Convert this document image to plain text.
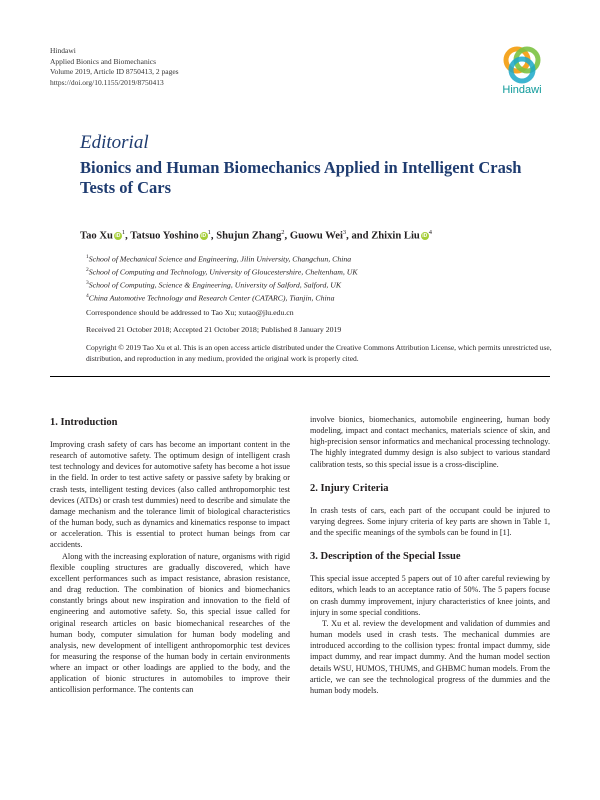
Hindawi
Applied Bionics and Biomechanics
Volume 2019, Article ID 8750413, 2 pages
https://doi.org/10.1155/2019/8750413
Hindawi
Editorial
Bionics and Human Biomechanics Applied in Intelligent Crash Tests of Cars
Tao Xu $iD^1$, Tatsuo Yoshino $iD^1$, Shujun Zhang$^2$, Guowu Wei$^3$, and Zhixin Liu $iD^4$
$^1$School of Mechanical Science and Engineering, Jilin University, Changchun, China
$^2$School of Computing and Technology, University of Gloucestershire, Cheltenham, UK
$^3$School of Computing, Science & Engineering, University of Salford, Salford, UK
$^4$China Automotive Technology and Research Center (CATARC), Tianjin, China
Correspondence should be addressed to Tao Xu; xutao@jlu.edu.cn
Received 21 October 2018; Accepted 21 October 2018; Published 8 January 2019
Copyright © 2019 Tao Xu et al. This is an open access article distributed under the Creative Commons Attribution License, which permits unrestricted use, distribution, and reproduction in any medium, provided the original work is properly cited.
1. Introduction

Improving crash safety of cars has become an important content in the research of automotive safety. The optimum design of intelligent crash test technology and devices for automotive safety has become a hot issue in the field. In order to test active safety or passive safety by braking or crash tests, intelligent testing devices (also called anthropomorphic test devices (ATDs) or crash test dummies) need to describe and simulate the damage mechanism and the tolerance limit of biological characteristics of the human body, such as dynamics and kinematics response to impact or acceleration. This is essential to protect human beings from car accidents.

Along with the increasing exploration of nature, organisms with rigid flexible coupling structures are gradually discovered, which have excellent performances such as impact resistance, abrasion resistance, and drag reduction. The combination of bionics and biomechanics constantly brings about new inspiration and innovation to the field of engineering and automotive safety. So, this special issue called for original research articles on basic biomechanical researches of the human body, computer simulation for human body modeling and analysis, new development of intelligent anthropomorphic test devices for measuring the response of the human body in certain environments where an impact or other loadings are applied to the body, and the application of bionic structures in automobiles to improve their anticollision performance. The contents can

involve bionics, biomechanics, automobile engineering, human body modeling, impact and contact mechanics, materials science of skin, and high-precision sensor informatics and mechanical processing technology. The highly integrated dummy design is also subject to various standard calibration tests, so this special issue is a cross-discipline.

2. Injury Criteria

In crash tests of cars, each part of the occupant could be injured to varying degrees. Some injury criteria of key parts are shown in Table 1, and the specific meanings of the symbols can be found in [1].

3. Description of the Special Issue

This special issue accepted 5 papers out of 10 after careful reviewing by editors, which leads to an acceptance ratio of 50%. The 5 papers focuse on crash dummy improvement, injury characteristics of knee joints, and injury in some special conditions.

T. Xu et al. review the development and validation of dummies and human models used in crash tests. The mechanical dummies are introduced according to the collision types: frontal impact dummy, side impact dummy, and rear impact dummy. And the human model section details WSU, HUMOS, THUMS, and GHBMC human models. From the article, we can see the technological progress of the dummies and the human body models.
